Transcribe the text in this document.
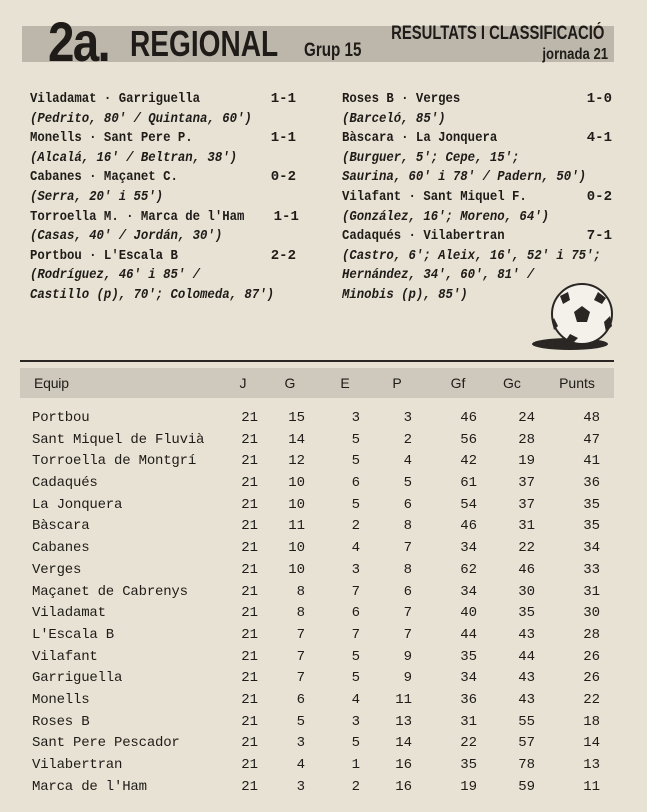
2a. REGIONAL Grup 15
RESULTATS I CLASSIFICACIÓ
jornada 21
Viladamat · Garriguella	1-1
(Pedrito, 80' / Quintana, 60')
Monells · Sant Pere P.	1-1
(Alcalá, 16' / Beltran, 38')
Cabanes · Maçanet C.	0-2
(Serra, 20' i 55')
Torroella M. · Marca de l'Ham 1-1
(Casas, 40' / Jordán, 30')
Portbou · L'Escala B	2-2
(Rodríguez, 46' i 85' /
Castillo (p), 70'; Colomeda, 87')
Roses B · Verges	1-0
(Barceló, 85')
Bàscara · La Jonquera	4-1
(Burguer, 5'; Cepe, 15';
Saurina, 60' i 78' / Padern, 50')
Vilafant · Sant Miquel F.	0-2
(González, 16'; Moreno, 64')
Cadaqués · Vilabertran	7-1
(Castro, 6'; Aleix, 16', 52' i 75';
Hernández, 34', 60', 81' /
Minobis (p), 85')
Equip	J	G	E	P	Gf	Gc	Punts
Portbou	21	15	3	3	46	24	48
Sant Miquel de Fluvià	21	14	5	2	56	28	47
Torroella de Montgrí	21	12	5	4	42	19	41
Cadaqués	21	10	6	5	61	37	36
La Jonquera	21	10	5	6	54	37	35
Bàscara	21	11	2	8	46	31	35
Cabanes	21	10	4	7	34	22	34
Verges	21	10	3	8	62	46	33
Maçanet de Cabrenys	21	8	7	6	34	30	31
Viladamat	21	8	6	7	40	35	30
L'Escala B	21	7	7	7	44	43	28
Vilafant	21	7	5	9	35	44	26
Garriguella	21	7	5	9	34	43	26
Monells	21	6	4	11	36	43	22
Roses B	21	5	3	13	31	55	18
Sant Pere Pescador	21	3	5	14	22	57	14
Vilabertran	21	4	1	16	35	78	13
Marca de l'Ham	21	3	2	16	19	59	11
